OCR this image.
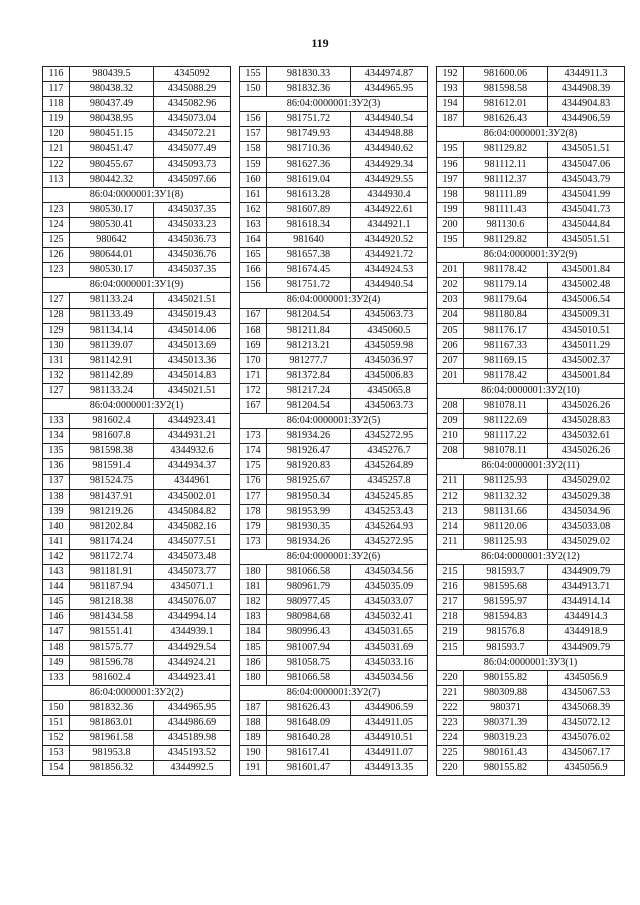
119
116	980439.5	4345092
117	980438.32	4345088.29
118	980437.49	4345082.96
119	980438.95	4345073.04
120	980451.15	4345072.21
121	980451.47	4345077.49
122	980455.67	4345093.73
113	980442.32	4345097.66
86:04:0000001:ЗУ1(8)		
123	980530.17	4345037.35
124	980530.41	4345033.23
125	980642	4345036.73
126	980644.01	4345036.76
123	980530.17	4345037.35
86:04:0000001:ЗУ1(9)		
127	981133.24	4345021.51
128	981133.49	4345019.43
129	981134.14	4345014.06
130	981139.07	4345013.69
131	981142.91	4345013.36
132	981142.89	4345014.83
127	981133.24	4345021.51
86:04:0000001:ЗУ2(1)		
133	981602.4	4344923.41
134	981607.8	4344931.21
135	981598.38	4344932.6
136	981591.4	4344934.37
137	981524.75	4344961
138	981437.91	4345002.01
139	981219.26	4345084.82
140	981202.84	4345082.16
141	981174.24	4345077.51
142	981172.74	4345073.48
143	981181.91	4345073.77
144	981187.94	4345071.1
145	981218.38	4345076.07
146	981434.58	4344994.14
147	981551.41	4344939.1
148	981575.77	4344929.54
149	981596.78	4344924.21
133	981602.4	4344923.41
86:04:0000001:ЗУ2(2)		
150	981832.36	4344965.95
151	981863.01	4344986.69
152	981961.58	4345189.98
153	981953.8	4345193.52
154	981856.32	4344992.5
155	981830.33	4344974.87
150	981832.36	4344965.95
86:04:0000001:ЗУ2(3)		
156	981751.72	4344940.54
157	981749.93	4344948.88
158	981710.36	4344940.62
159	981627.36	4344929.34
160	981619.04	4344929.55
161	981613.28	4344930.4
162	981607.89	4344922.61
163	981618.34	4344921.1
164	981640	4344920.52
165	981657.38	4344921.72
166	981674.45	4344924.53
156	981751.72	4344940.54
86:04:0000001:ЗУ2(4)		
167	981204.54	4345063.73
168	981211.84	4345060.5
169	981213.21	4345059.98
170	981277.7	4345036.97
171	981372.84	4345006.83
172	981217.24	4345065.8
167	981204.54	4345063.73
86:04:0000001:ЗУ2(5)		
173	981934.26	4345272.95
174	981926.47	4345276.7
175	981920.83	4345264.89
176	981925.67	4345257.8
177	981950.34	4345245.85
178	981953.99	4345253.43
179	981930.35	4345264.93
173	981934.26	4345272.95
86:04:0000001:ЗУ2(6)		
180	981066.58	4345034.56
181	980961.79	4345035.09
182	980977.45	4345033.07
183	980984.68	4345032.41
184	980996.43	4345031.65
185	981007.94	4345031.69
186	981058.75	4345033.16
180	981066.58	4345034.56
86:04:0000001:ЗУ2(7)		
187	981626.43	4344906.59
188	981648.09	4344911.05
189	981640.28	4344910.51
190	981617.41	4344911.07
191	981601.47	4344913.35
192	981600.06	4344911.3
193	981598.58	4344908.39
194	981612.01	4344904.83
187	981626.43	4344906.59
86:04:0000001:ЗУ2(8)		
195	981129.82	4345051.51
196	981112.11	4345047.06
197	981112.37	4345043.79
198	981111.89	4345041.99
199	981111.43	4345041.73
200	981130.6	4345044.84
195	981129.82	4345051.51
86:04:0000001:ЗУ2(9)		
201	981178.42	4345001.84
202	981179.14	4345002.48
203	981179.64	4345006.54
204	981180.84	4345009.31
205	981176.17	4345010.51
206	981167.33	4345011.29
207	981169.15	4345002.37
201	981178.42	4345001.84
86:04:0000001:ЗУ2(10)		
208	981078.11	4345026.26
209	981122.69	4345028.83
210	981117.22	4345032.61
208	981078.11	4345026.26
86:04:0000001:ЗУ2(11)		
211	981125.93	4345029.02
212	981132.32	4345029.38
213	981131.66	4345034.96
214	981120.06	4345033.08
211	981125.93	4345029.02
86:04:0000001:ЗУ2(12)		
215	981593.7	4344909.79
216	981595.68	4344913.71
217	981595.97	4344914.14
218	981594.83	4344914.3
219	981576.8	4344918.9
215	981593.7	4344909.79
86:04:0000001:ЗУ3(1)		
220	980155.82	4345056.9
221	980309.88	4345067.53
222	980371	4345068.39
223	980371.39	4345072.12
224	980319.23	4345076.02
225	980161.43	4345067.17
220	980155.82	4345056.9
